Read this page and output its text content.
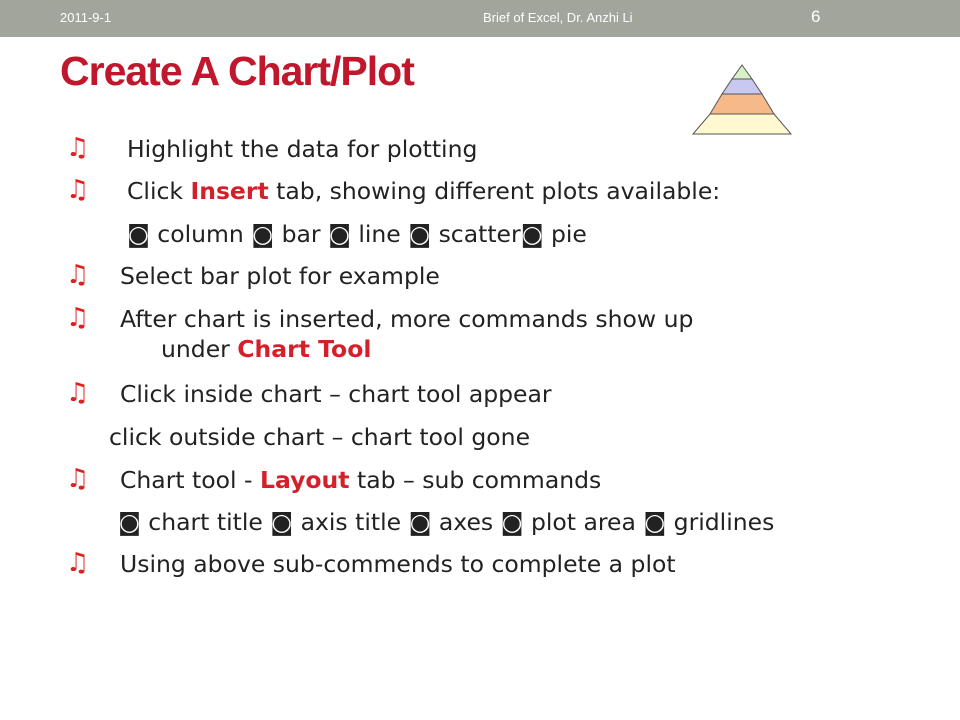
2011-9-1	Brief of Excel, Dr. Anzhi Li	6
Create A Chart/Plot
♫ Highlight the data for plotting
♫ Click Insert tab, showing different plots available:
◙ column ◙ bar ◙ line ◙ scatter◙ pie
♫ Select bar plot for example
♫ After chart is inserted, more commands show up
under Chart Tool
♫ Click inside chart – chart tool appear
click outside chart – chart tool gone
♫ Chart tool - Layout tab – sub commands
◙ chart title ◙ axis title ◙ axes ◙ plot area ◙ gridlines
♫ Using above sub-commends to complete a plot
